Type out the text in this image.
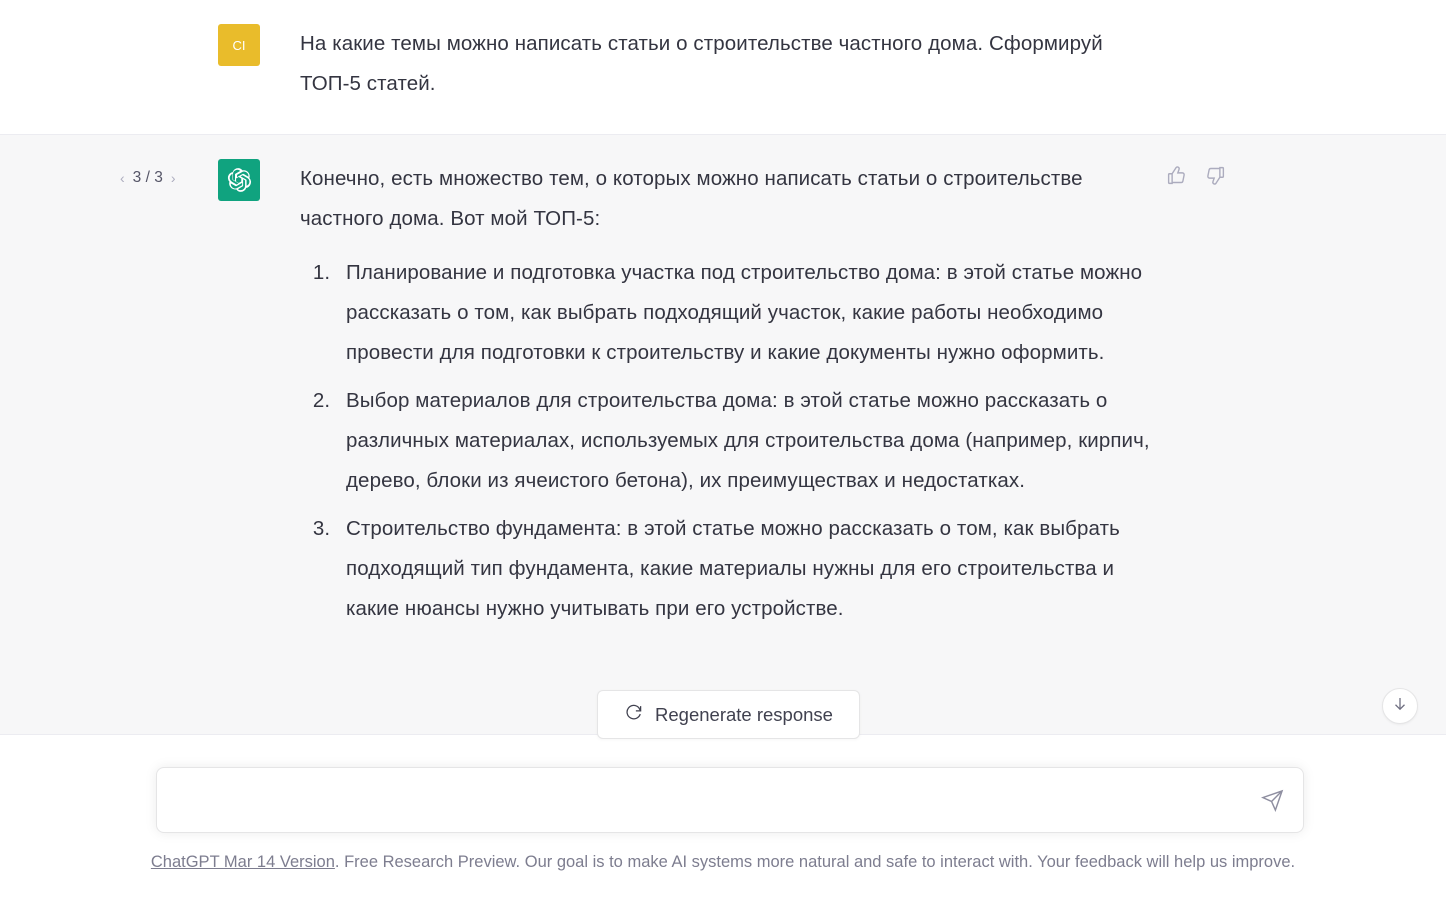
CI	На какие темы можно написать статьи о строительстве частного дома. Сформируй ТОП-5 статей.
‹ 3 / 3 ›	Конечно, есть множество тем, о которых можно написать статьи о строительстве частного дома. Вот мой ТОП-5:

1. Планирование и подготовка участка под строительство дома: в этой статье можно рассказать о том, как выбрать подходящий участок, какие работы необходимо провести для подготовки к строительству и какие документы нужно оформить.
2. Выбор материалов для строительства дома: в этой статье можно рассказать о различных материалах, используемых для строительства дома (например, кирпич, дерево, блоки из ячеистого бетона), их преимуществах и недостатках.
3. Строительство фундамента: в этой статье можно рассказать о том, как выбрать подходящий тип фундамента, какие материалы нужны для его строительства и какие нюансы нужно учитывать при его устройстве.
Regenerate response
ChatGPT Mar 14 Version. Free Research Preview. Our goal is to make AI systems more natural and safe to interact with. Your feedback will help us improve.
